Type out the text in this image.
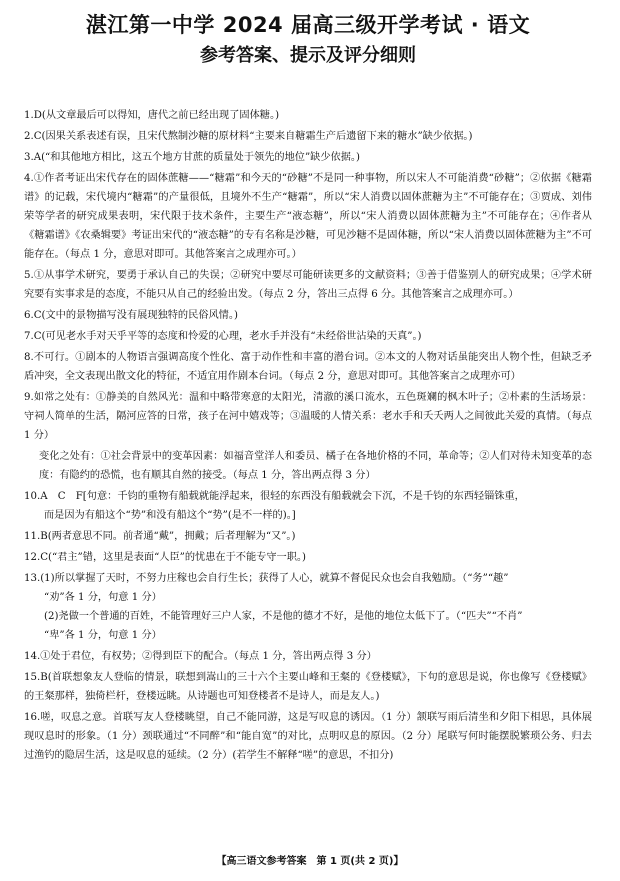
湛江第一中学 2024 届高三级开学考试 · 语文
参考答案、提示及评分细则

1.D(从文章最后可以得知，唐代之前已经出现了固体糖。)

2.C(因果关系表述有误，且宋代熬制沙糖的原材料“主要来自糖霜生产后遗留下来的糖水”缺少依据。)

3.A(“和其他地方相比，这五个地方甘蔗的质量处于领先的地位”缺少依据。)

4.①作者考证出宋代存在的固体蔗糖——“糖霜”和今天的“砂糖”不是同一种事物，所以宋人不可能消费“砂糖”；②依据《糖霜谱》的记载，宋代境内“糖霜”的产量很低，且境外不生产“糖霜”，所以“宋人消费以固体蔗糖为主”不可能存在；③贾成、刘伟荣等学者的研究成果表明，宋代限于技术条件，主要生产“液态糖”，所以“宋人消费以固体蔗糖为主”不可能存在；④作者从《糖霜谱》《农桑辑要》考证出宋代的“液态糖”的专有名称是沙糖，可见沙糖不是固体糖，所以“宋人消费以固体蔗糖为主”不可能存在。（每点 1 分，意思对即可。其他答案言之成理亦可。）

5.①从事学术研究，要勇于承认自己的失误；②研究中要尽可能研读更多的文献资料；③善于借鉴别人的研究成果；④学术研究要有实事求是的态度，不能只从自己的经验出发。（每点 2 分，答出三点得 6 分。其他答案言之成理亦可。）

6.C(文中的景物描写没有展现独特的民俗风情。)

7.C(可见老水手对天乎平等的态度和怜爱的心理，老水手并没有“未经俗世沾染的天真”。)

8.不可行。①剧本的人物语言强调高度个性化、富于动作性和丰富的潜台词。②本文的人物对话虽能突出人物个性，但缺乏矛盾冲突，全文表现出散文化的特征，不适宜用作剧本台词。（每点 2 分，意思对即可。其他答案言之成理亦可）

9.如常之处有：①静美的自然风光：温和中略带寒意的太阳光，清澈的溪口流水，五色斑斓的枫木叶子；②朴素的生活场景：守祠人简单的生活，隔河应答的日常，孩子在河中嬉戏等；③温暖的人情关系：老水手和夭夭两人之间彼此关爱的真情。（每点 1 分）

变化之处有：①社会背景中的变革因素：如福音堂洋人和委员、橘子在各地价格的不同，革命等；②人们对待未知变革的态度：有隐约的恐慌，也有顺其自然的接受。（每点 1 分，答出两点得 3 分）

10.A　C　F[句意：千钧的重物有船载就能浮起来，很轻的东西没有船载就会下沉，不是千钧的东西轻锱铢重，
而是因为有船这个“势”和没有船这个“势”(是不一样的)。]

11.B(两者意思不同。前者通“戴”，拥戴；后者理解为“又”。)

12.C(“君主”错，这里是表面“人臣”的忧患在于不能专守一职。)

13.(1)所以掌握了天时，不努力庄稼也会自行生长；获得了人心，就算不督促民众也会自我勉励。（“务”“趣”
“劝”各 1 分，句意 1 分）
(2)尧做一个普通的百姓，不能管理好三户人家，不是他的德才不好，是他的地位太低下了。（“匹夫”“不肖”
“卑”各 1 分，句意 1 分）

14.①处于君位，有权势；②得到臣下的配合。（每点 1 分，答出两点得 3 分）

15.B(首联想象友人登临的情景，联想到嵩山的三十六个主要山峰和王粲的《登楼赋》，下句的意思是说，你也像写《登楼赋》的王粲那样，独倚栏杆，登楼远眺。从诗题也可知登楼者不是诗人，而是友人。)

16.嗟，叹息之意。首联写友人登楼眺望，自己不能同游，这是写叹息的诱因。（1 分）颔联写雨后清坐和夕阳下相思，具体展现叹息时的形象。（1 分）颈联通过“不同醉”和“能自宽”的对比，点明叹息的原因。（2 分）尾联写何时能摆脱繁琐公务、归去过渔钓的隐居生活，这是叹息的延续。（2 分）(若学生不解释“嗟”的意思，不扣分)

【高三语文参考答案　第 1 页(共 2 页)】
